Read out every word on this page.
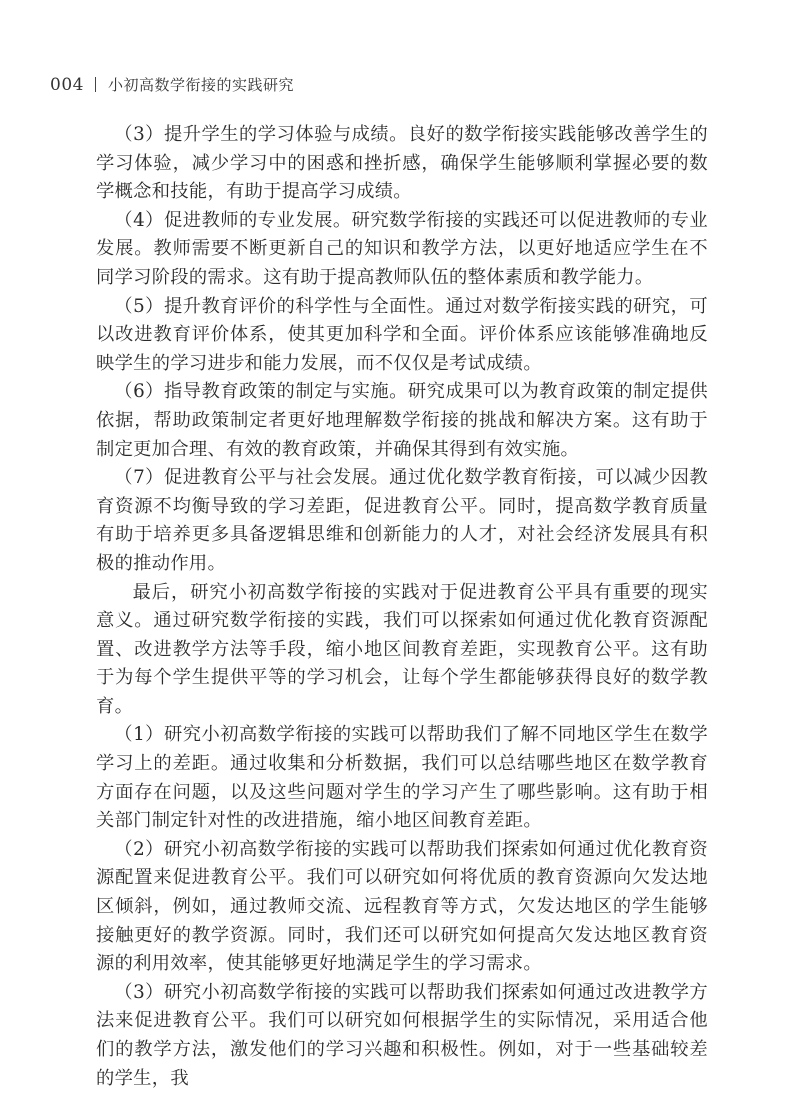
004 小初高数学衔接的实践研究

（3）提升学生的学习体验与成绩。良好的数学衔接实践能够改善学生的学习体验，减少学习中的困惑和挫折感，确保学生能够顺利掌握必要的数学概念和技能，有助于提高学习成绩。

（4）促进教师的专业发展。研究数学衔接的实践还可以促进教师的专业发展。教师需要不断更新自己的知识和教学方法，以更好地适应学生在不同学习阶段的需求。这有助于提高教师队伍的整体素质和教学能力。

（5）提升教育评价的科学性与全面性。通过对数学衔接实践的研究，可以改进教育评价体系，使其更加科学和全面。评价体系应该能够准确地反映学生的学习进步和能力发展，而不仅仅是考试成绩。

（6）指导教育政策的制定与实施。研究成果可以为教育政策的制定提供依据，帮助政策制定者更好地理解数学衔接的挑战和解决方案。这有助于制定更加合理、有效的教育政策，并确保其得到有效实施。

（7）促进教育公平与社会发展。通过优化数学教育衔接，可以减少因教育资源不均衡导致的学习差距，促进教育公平。同时，提高数学教育质量有助于培养更多具备逻辑思维和创新能力的人才，对社会经济发展具有积极的推动作用。

最后，研究小初高数学衔接的实践对于促进教育公平具有重要的现实意义。通过研究数学衔接的实践，我们可以探索如何通过优化教育资源配置、改进教学方法等手段，缩小地区间教育差距，实现教育公平。这有助于为每个学生提供平等的学习机会，让每个学生都能够获得良好的数学教育。

（1）研究小初高数学衔接的实践可以帮助我们了解不同地区学生在数学学习上的差距。通过收集和分析数据，我们可以总结哪些地区在数学教育方面存在问题，以及这些问题对学生的学习产生了哪些影响。这有助于相关部门制定针对性的改进措施，缩小地区间教育差距。

（2）研究小初高数学衔接的实践可以帮助我们探索如何通过优化教育资源配置来促进教育公平。我们可以研究如何将优质的教育资源向欠发达地区倾斜，例如，通过教师交流、远程教育等方式，欠发达地区的学生能够接触更好的教学资源。同时，我们还可以研究如何提高欠发达地区教育资源的利用效率，使其能够更好地满足学生的学习需求。

（3）研究小初高数学衔接的实践可以帮助我们探索如何通过改进教学方法来促进教育公平。我们可以研究如何根据学生的实际情况，采用适合他们的教学方法，激发他们的学习兴趣和积极性。例如，对于一些基础较差的学生，我
